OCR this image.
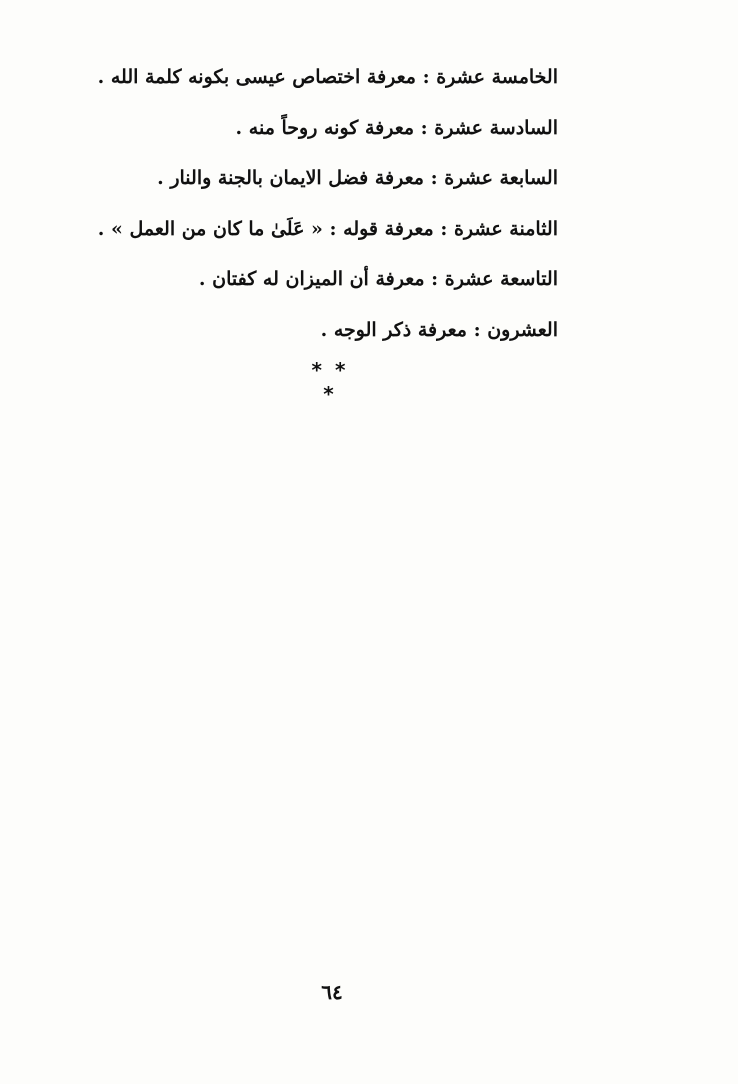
الخامسة عشرة : معرفة اختصاص عيسى بكونه كلمة الله .
السادسة عشرة : معرفة كونه روحاً منه .
السابعة عشرة : معرفة فضل الايمان بالجنة والنار .
الثامنة عشرة : معرفة قوله : « عَلَىٰ ما كان من العمل » .
التاسعة عشرة : معرفة أن الميزان له كفتان .
العشرون : معرفة ذكر الوجه .
* * *
٦٤
